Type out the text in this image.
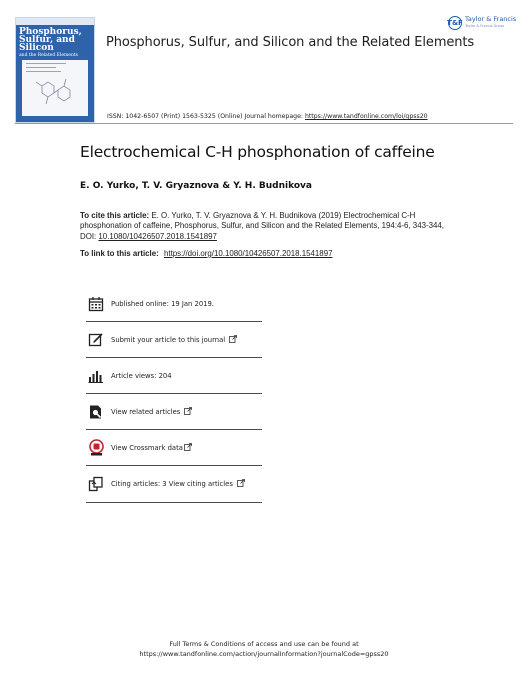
Phosphorus,
Sulfur, and
Silicon
and the Related Elements
Phosphorus, Sulfur, and Silicon and the Related Elements
T&F Taylor & Francis
Taylor & Francis Group
ISSN: 1042-6507 (Print) 1563-5325 (Online) Journal homepage: https://www.tandfonline.com/loi/gpss20
Electrochemical C-H phosphonation of caffeine
E. O. Yurko, T. V. Gryaznova & Y. H. Budnikova
To cite this article: E. O. Yurko, T. V. Gryaznova & Y. H. Budnikova (2019) Electrochemical C-H phosphonation of caffeine, Phosphorus, Sulfur, and Silicon and the Related Elements, 194:4-6, 343-344, DOI: 10.1080/10426507.2018.1541897
To link to this article: https://doi.org/10.1080/10426507.2018.1541897
Published online: 19 Jan 2019.
Submit your article to this journal
Article views: 204
View related articles
View Crossmark data
Citing articles: 3 View citing articles
Full Terms & Conditions of access and use can be found at
https://www.tandfonline.com/action/journalInformation?journalCode=gpss20
